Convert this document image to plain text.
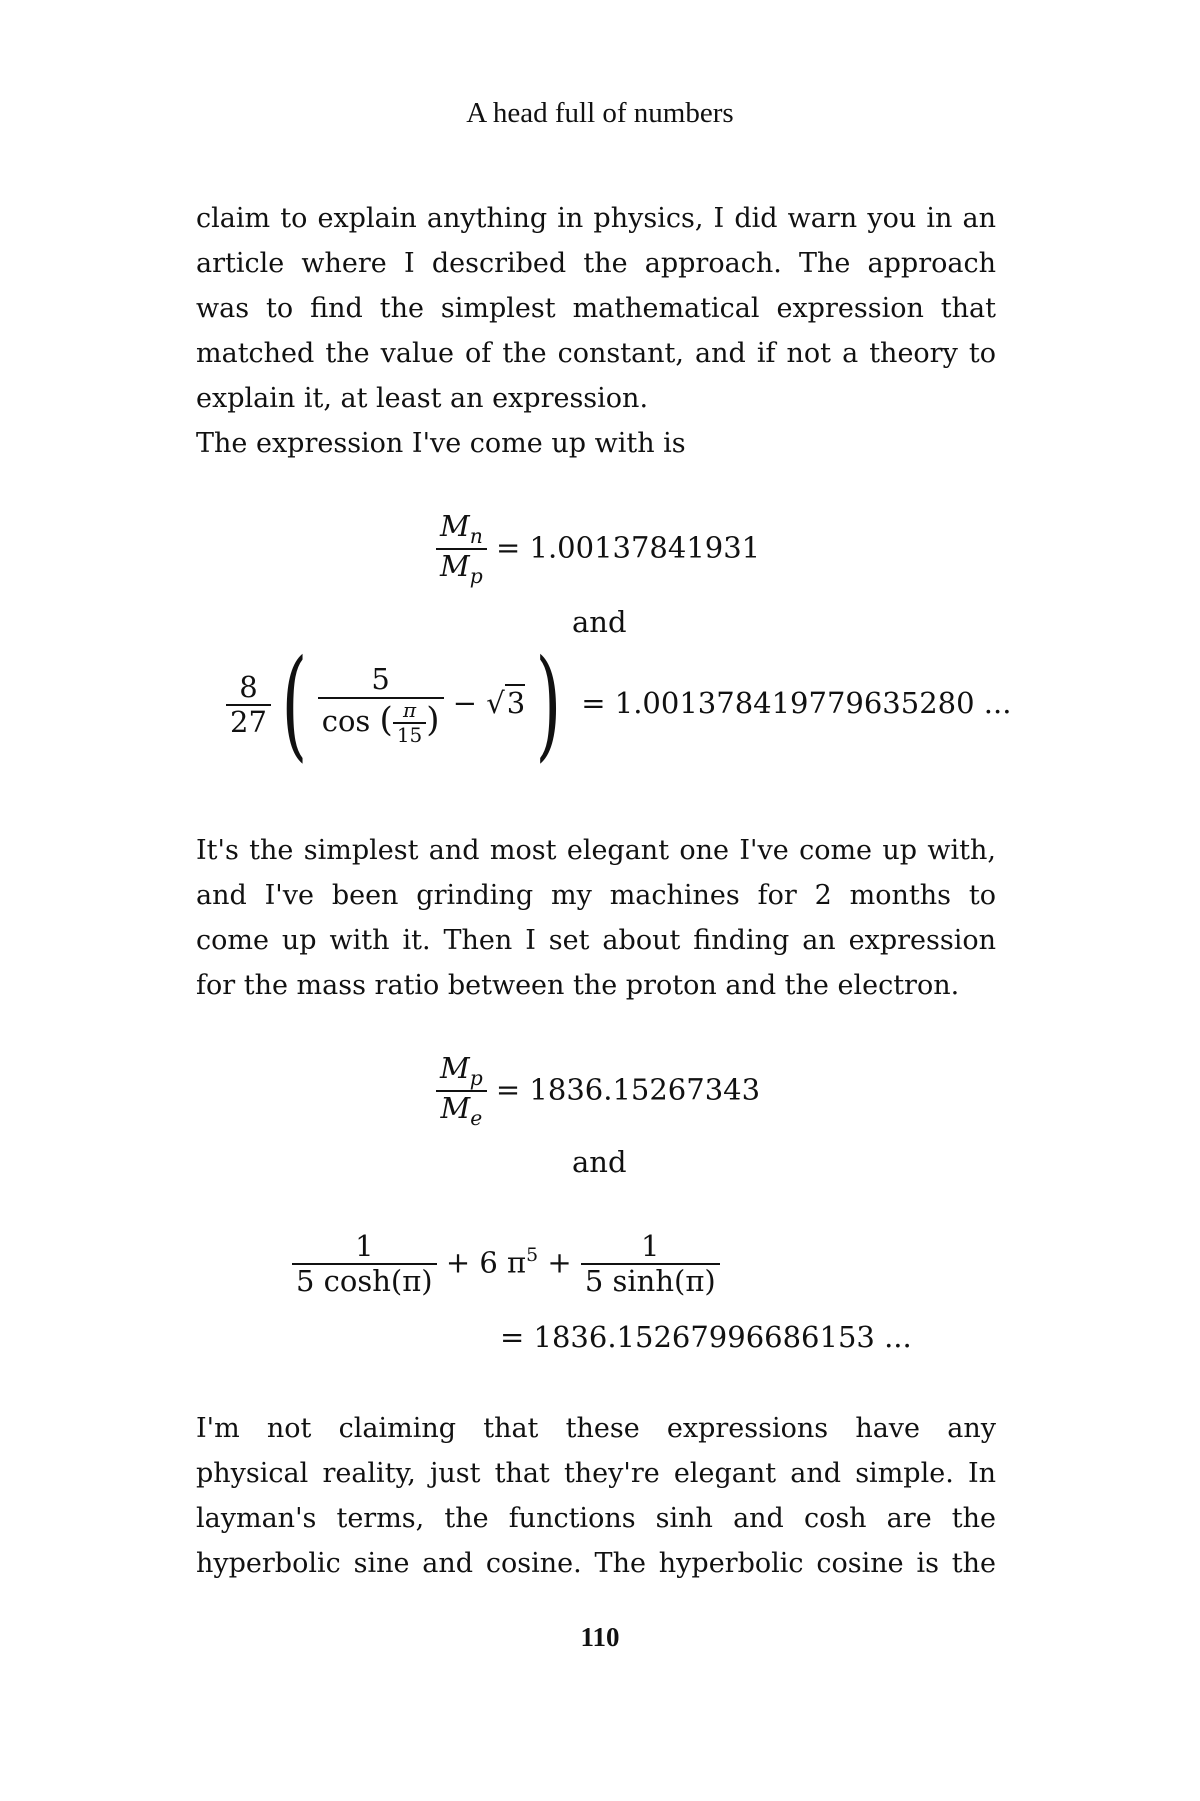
A head full of numbers
claim to explain anything in physics, I did warn you in an
article where I described the approach. The approach
was to find the simplest mathematical expression that
matched the value of the constant, and if not a theory to
explain it, at least an expression.
The expression I've come up with is
$\frac{M_n}{M_p} = 1.00137841931$
and
$\frac{8}{27}$ ( $\frac{5}{\cos ( \frac{\pi}{15} )} - √3) = 1.001378419779635280$ ...
It's the simplest and most elegant one I've come up with,
and I've been grinding my machines for 2 months to
come up with it. Then I set about finding an expression
for the mass ratio between the proton and the electron.
$\frac{M_p}{M_e} = 1836.15267343$
and
$\frac{1}{5 \cosh(\pi)} + 6$ $\pi^5 + \frac{1}{5 \sinh(\pi)}$
= 1836.15267996686153 ...
I'm not claiming that these expressions have any
physical reality, just that they're elegant and simple. In
layman's terms, the functions sinh and cosh are the
hyperbolic sine and cosine. The hyperbolic cosine is the
110
